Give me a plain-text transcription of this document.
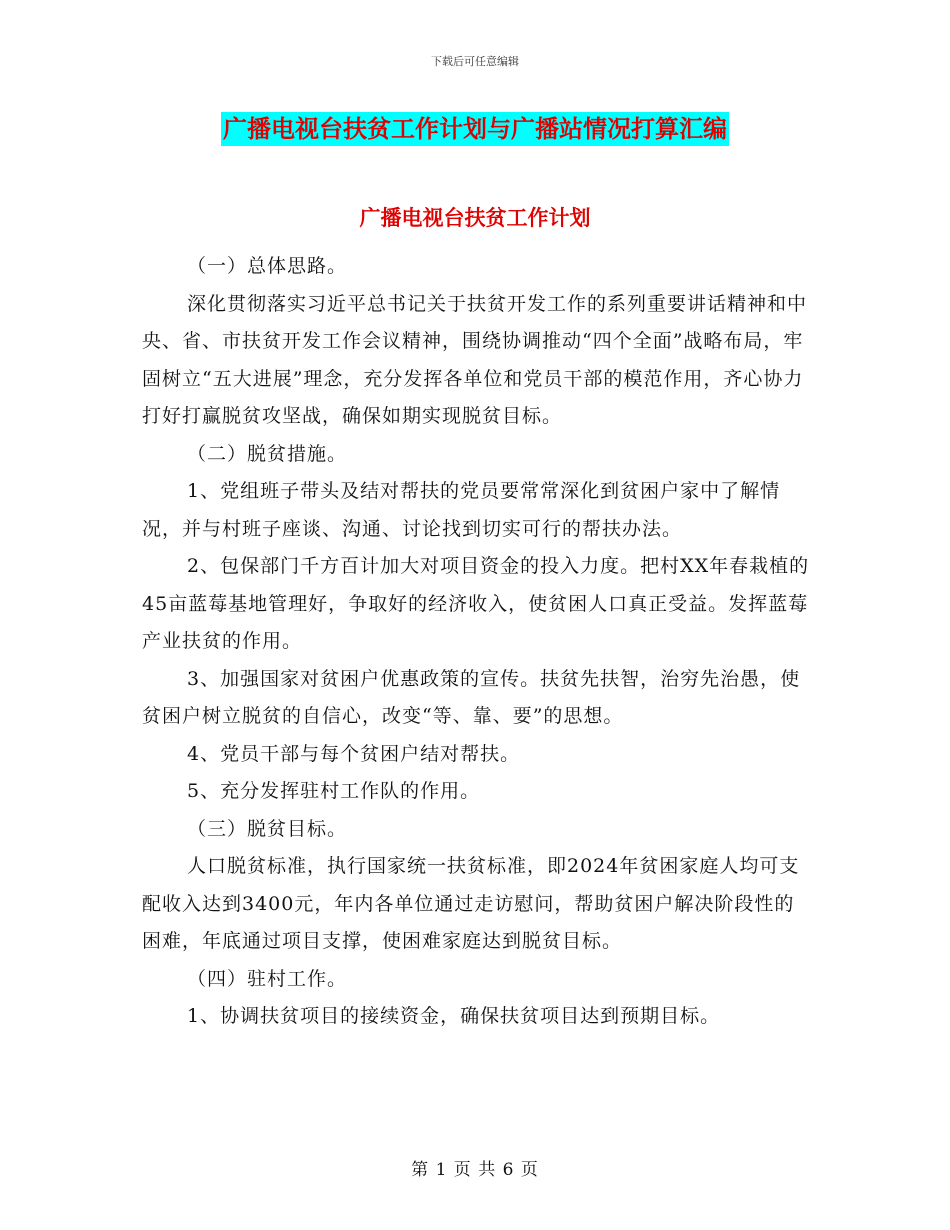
下载后可任意编辑
广播电视台扶贫工作计划与广播站情况打算汇编
广播电视台扶贫工作计划

（一）总体思路。

深化贯彻落实习近平总书记关于扶贫开发工作的系列重要讲话精神和中央、省、市扶贫开发工作会议精神，围绕协调推动“四个全面”战略布局，牢固树立“五大进展”理念，充分发挥各单位和党员干部的模范作用，齐心协力打好打赢脱贫攻坚战，确保如期实现脱贫目标。

（二）脱贫措施。

1、党组班子带头及结对帮扶的党员要常常深化到贫困户家中了解情况，并与村班子座谈、沟通、讨论找到切实可行的帮扶办法。

2、包保部门千方百计加大对项目资金的投入力度。把村XX年春栽植的45亩蓝莓基地管理好，争取好的经济收入，使贫困人口真正受益。发挥蓝莓产业扶贫的作用。

3、加强国家对贫困户优惠政策的宣传。扶贫先扶智，治穷先治愚，使贫困户树立脱贫的自信心，改变“等、靠、要”的思想。

4、党员干部与每个贫困户结对帮扶。

5、充分发挥驻村工作队的作用。

（三）脱贫目标。

人口脱贫标准，执行国家统一扶贫标准，即2024年贫困家庭人均可支配收入达到3400元，年内各单位通过走访慰问，帮助贫困户解决阶段性的困难，年底通过项目支撑，使困难家庭达到脱贫目标。

（四）驻村工作。

1、协调扶贫项目的接续资金，确保扶贫项目达到预期目标。

第 1 页 共 6 页
